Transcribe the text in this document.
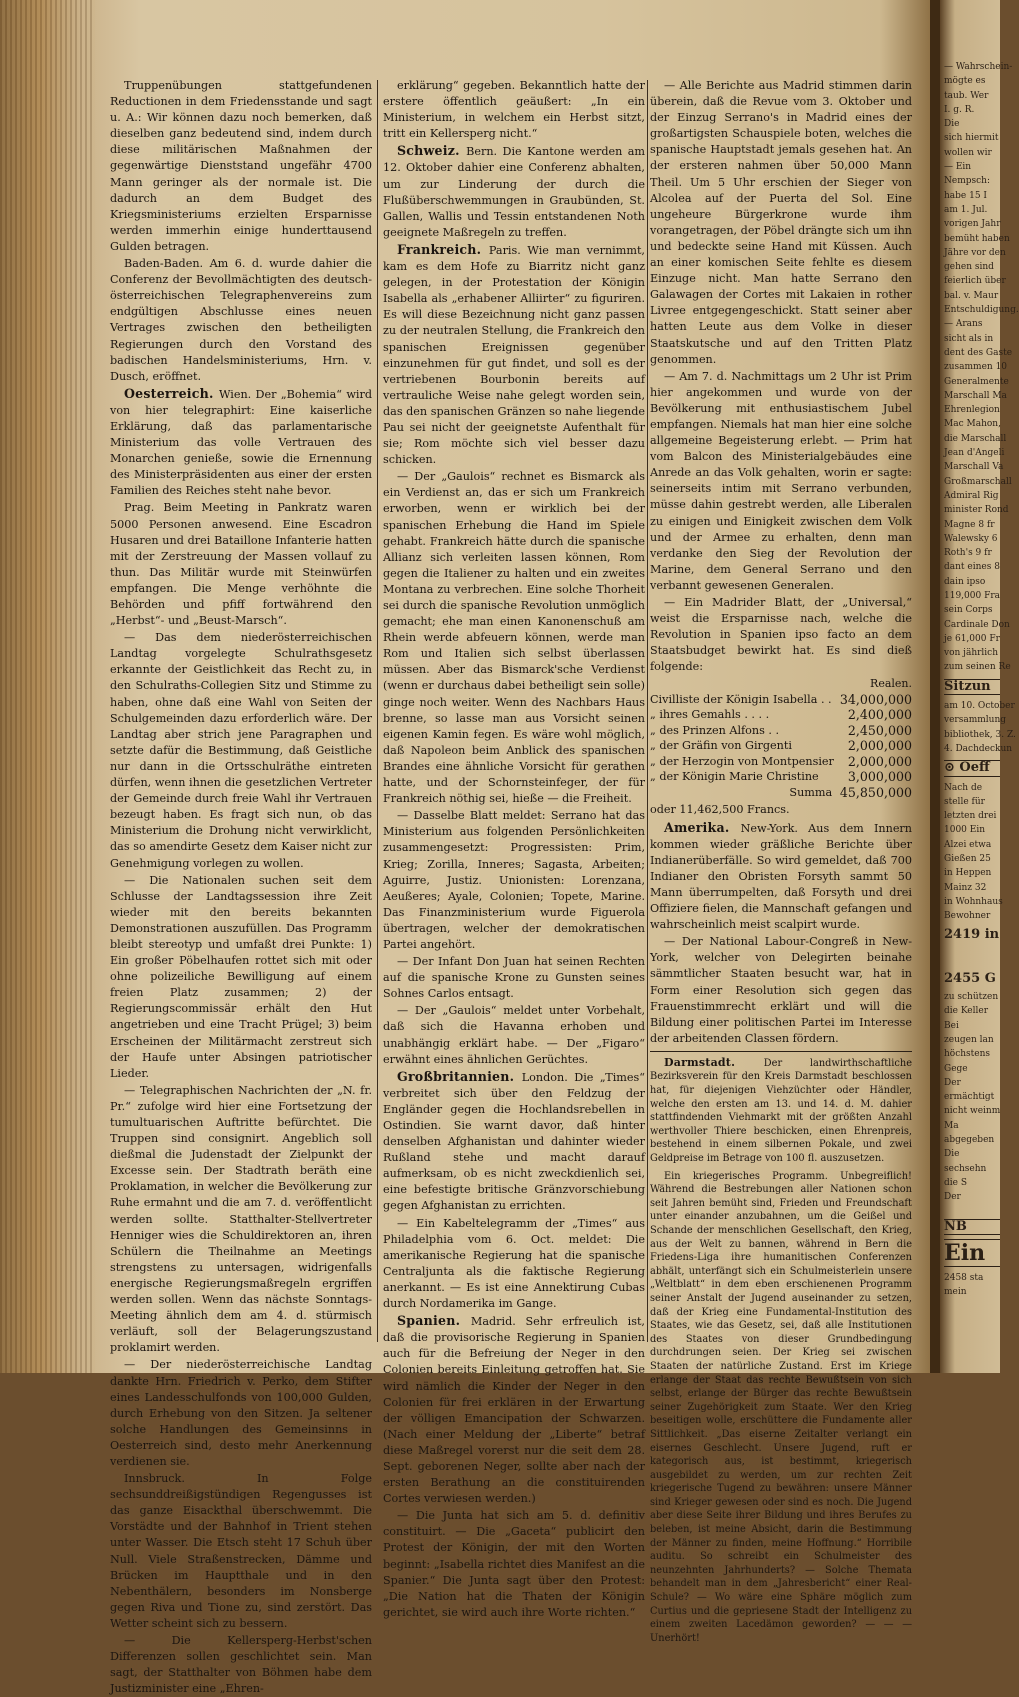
Truppenübungen stattgefundenen Reductionen in dem Friedensstande und sagt u. A.: Wir können dazu noch bemerken, daß dieselben ganz bedeutend sind, indem durch diese militärischen Maßnahmen der gegenwärtige Dienststand ungefähr 4700 Mann geringer als der normale ist. Die dadurch an dem Budget des Kriegsministeriums erzielten Ersparnisse werden immerhin einige hunderttausend Gulden betragen.

Baden-Baden. Am 6. d. wurde dahier die Conferenz der Bevollmächtigten des deutsch-österreichischen Telegraphenvereins zum endgültigen Abschlusse eines neuen Vertrages zwischen den betheiligten Regierungen durch den Vorstand des badischen Handelsministeriums, Hrn. v. Dusch, eröffnet.

Oesterreich. Wien. Der „Bohemia“ wird von hier telegraphirt: Eine kaiserliche Erklärung, daß das parlamentarische Ministerium das volle Vertrauen des Monarchen genieße, sowie die Ernennung des Ministerpräsidenten aus einer der ersten Familien des Reiches steht nahe bevor.

Prag. Beim Meeting in Pankratz waren 5000 Personen anwesend. Eine Escadron Husaren und drei Bataillone Infanterie hatten mit der Zerstreuung der Massen vollauf zu thun. Das Militär wurde mit Steinwürfen empfangen. Die Menge verhöhnte die Behörden und pfiff fortwährend den „Herbst“- und „Beust-Marsch“.

— Das dem niederösterreichischen Landtag vorgelegte Schulrathsgesetz erkannte der Geistlichkeit das Recht zu, in den Schulraths-Collegien Sitz und Stimme zu haben, ohne daß eine Wahl von Seiten der Schulgemeinden dazu erforderlich wäre. Der Landtag aber strich jene Paragraphen und setzte dafür die Bestimmung, daß Geistliche nur dann in die Ortsschulräthe eintreten dürfen, wenn ihnen die gesetzlichen Vertreter der Gemeinde durch freie Wahl ihr Vertrauen bezeugt haben. Es fragt sich nun, ob das Ministerium die Drohung nicht verwirklicht, das so amendirte Gesetz dem Kaiser nicht zur Genehmigung vorlegen zu wollen.

— Die Nationalen suchen seit dem Schlusse der Landtagssession ihre Zeit wieder mit den bereits bekannten Demonstrationen auszufüllen. Das Programm bleibt stereotyp und umfaßt drei Punkte: 1) Ein großer Pöbelhaufen rottet sich mit oder ohne polizeiliche Bewilligung auf einem freien Platz zusammen; 2) der Regierungscommissär erhält den Hut angetrieben und eine Tracht Prügel; 3) beim Erscheinen der Militärmacht zerstreut sich der Haufe unter Absingen patriotischer Lieder.

— Telegraphischen Nachrichten der „N. fr. Pr.“ zufolge wird hier eine Fortsetzung der tumultuarischen Auftritte befürchtet. Die Truppen sind consignirt. Angeblich soll dießmal die Judenstadt der Zielpunkt der Excesse sein. Der Stadtrath beräth eine Proklamation, in welcher die Bevölkerung zur Ruhe ermahnt und die am 7. d. veröffentlicht werden sollte. Statthalter-Stellvertreter Henniger wies die Schuldirektoren an, ihren Schülern die Theilnahme an Meetings strengstens zu untersagen, widrigenfalls energische Regierungsmaßregeln ergriffen werden sollen. Wenn das nächste Sonntags-Meeting ähnlich dem am 4. d. stürmisch verläuft, soll der Belagerungszustand proklamirt werden.

— Der niederösterreichische Landtag dankte Hrn. Friedrich v. Perko, dem Stifter eines Landesschulfonds von 100,000 Gulden, durch Erhebung von den Sitzen. Ja seltener solche Handlungen des Gemeinsinns in Oesterreich sind, desto mehr Anerkennung verdienen sie.

Innsbruck. In Folge sechsunddreißigstündigen Regengusses ist das ganze Eisackthal überschwemmt. Die Vorstädte und der Bahnhof in Trient stehen unter Wasser. Die Etsch steht 17 Schuh über Null. Viele Straßenstrecken, Dämme und Brücken im Hauptthale und in den Nebenthälern, besonders im Nonsberge gegen Riva und Tione zu, sind zerstört. Das Wetter scheint sich zu bessern.

— Die Kellersperg-Herbst'schen Differenzen sollen geschlichtet sein. Man sagt, der Statthalter von Böhmen habe dem Justizminister eine „Ehren-

erklärung“ gegeben. Bekanntlich hatte der erstere öffentlich geäußert: „In ein Ministerium, in welchem ein Herbst sitzt, tritt ein Kellersperg nicht.“

Schweiz. Bern. Die Kantone werden am 12. Oktober dahier eine Conferenz abhalten, um zur Linderung der durch die Flußüberschwemmungen in Graubünden, St. Gallen, Wallis und Tessin entstandenen Noth geeignete Maßregeln zu treffen.

Frankreich. Paris. Wie man vernimmt, kam es dem Hofe zu Biarritz nicht ganz gelegen, in der Protestation der Königin Isabella als „erhabener Alliirter“ zu figuriren. Es will diese Bezeichnung nicht ganz passen zu der neutralen Stellung, die Frankreich den spanischen Ereignissen gegenüber einzunehmen für gut findet, und soll es der vertriebenen Bourbonin bereits auf vertrauliche Weise nahe gelegt worden sein, das den spanischen Gränzen so nahe liegende Pau sei nicht der geeignetste Aufenthalt für sie; Rom möchte sich viel besser dazu schicken.

— Der „Gaulois“ rechnet es Bismarck als ein Verdienst an, das er sich um Frankreich erworben, wenn er wirklich bei der spanischen Erhebung die Hand im Spiele gehabt. Frankreich hätte durch die spanische Allianz sich verleiten lassen können, Rom gegen die Italiener zu halten und ein zweites Montana zu verbrechen. Eine solche Thorheit sei durch die spanische Revolution unmöglich gemacht; ehe man einen Kanonenschuß am Rhein werde abfeuern können, werde man Rom und Italien sich selbst überlassen müssen. Aber das Bismarck'sche Verdienst (wenn er durchaus dabei betheiligt sein solle) ginge noch weiter. Wenn des Nachbars Haus brenne, so lasse man aus Vorsicht seinen eigenen Kamin fegen. Es wäre wohl möglich, daß Napoleon beim Anblick des spanischen Brandes eine ähnliche Vorsicht für gerathen hatte, und der Schornsteinfeger, der für Frankreich nöthig sei, hieße — die Freiheit.

— Dasselbe Blatt meldet: Serrano hat das Ministerium aus folgenden Persönlichkeiten zusammengesetzt: Progressisten: Prim, Krieg; Zorilla, Inneres; Sagasta, Arbeiten; Aguirre, Justiz. Unionisten: Lorenzana, Aeußeres; Ayale, Colonien; Topete, Marine. Das Finanzministerium wurde Figuerola übertragen, welcher der demokratischen Partei angehört.

— Der Infant Don Juan hat seinen Rechten auf die spanische Krone zu Gunsten seines Sohnes Carlos entsagt.

— Der „Gaulois“ meldet unter Vorbehalt, daß sich die Havanna erhoben und unabhängig erklärt habe. — Der „Figaro“ erwähnt eines ähnlichen Gerüchtes.

Großbritannien. London. Die „Times“ verbreitet sich über den Feldzug der Engländer gegen die Hochlandsrebellen in Ostindien. Sie warnt davor, daß hinter denselben Afghanistan und dahinter wieder Rußland stehe und macht darauf aufmerksam, ob es nicht zweckdienlich sei, eine befestigte britische Gränzvorschiebung gegen Afghanistan zu errichten.

— Ein Kabeltelegramm der „Times“ aus Philadelphia vom 6. Oct. meldet: Die amerikanische Regierung hat die spanische Centraljunta als die faktische Regierung anerkannt. — Es ist eine Annektirung Cubas durch Nordamerika im Gange.

Spanien. Madrid. Sehr erfreulich ist, daß die provisorische Regierung in Spanien auch für die Befreiung der Neger in den Colonien bereits Einleitung getroffen hat. Sie wird nämlich die Kinder der Neger in den Colonien für frei erklären in der Erwartung der völligen Emancipation der Schwarzen. (Nach einer Meldung der „Liberte“ betraf diese Maßregel vorerst nur die seit dem 28. Sept. geborenen Neger, sollte aber nach der ersten Berathung an die constituirenden Cortes verwiesen werden.)

— Die Junta hat sich am 5. d. definitiv constituirt. — Die „Gaceta“ publicirt den Protest der Königin, der mit den Worten beginnt: „Isabella richtet dies Manifest an die Spanier.“ Die Junta sagt über den Protest: „Die Nation hat die Thaten der Königin gerichtet, sie wird auch ihre Worte richten.“

— Alle Berichte aus Madrid stimmen darin überein, daß die Revue vom 3. Oktober und der Einzug Serrano's in Madrid eines der großartigsten Schauspiele boten, welches die spanische Hauptstadt jemals gesehen hat. An der ersteren nahmen über 50,000 Mann Theil. Um 5 Uhr erschien der Sieger von Alcolea auf der Puerta del Sol. Eine ungeheure Bürgerkrone wurde ihm vorangetragen, der Pöbel drängte sich um ihn und bedeckte seine Hand mit Küssen. Auch an einer komischen Seite fehlte es diesem Einzuge nicht. Man hatte Serrano den Galawagen der Cortes mit Lakaien in rother Livree entgegengeschickt. Statt seiner aber hatten Leute aus dem Volke in dieser Staatskutsche und auf den Tritten Platz genommen.

— Am 7. d. Nachmittags um 2 Uhr ist Prim hier angekommen und wurde von der Bevölkerung mit enthusiastischem Jubel empfangen. Niemals hat man hier eine solche allgemeine Begeisterung erlebt. — Prim hat vom Balcon des Ministerialgebäudes eine Anrede an das Volk gehalten, worin er sagte: seinerseits intim mit Serrano verbunden, müsse dahin gestrebt werden, alle Liberalen zu einigen und Einigkeit zwischen dem Volk und der Armee zu erhalten, denn man verdanke den Sieg der Revolution der Marine, dem General Serrano und den verbannt gewesenen Generalen.

— Ein Madrider Blatt, der „Universal,“ weist die Ersparnisse nach, welche die Revolution in Spanien ipso facto an dem Staatsbudget bewirkt hat. Es sind dieß folgende:

	Realen.
Civilliste der Königin Isabella . .	34,000,000
„ ihres Gemahls . . . .	2,400,000
„ des Prinzen Alfons . .	2,450,000
„ der Gräfin von Girgenti	2,000,000
„ der Herzogin von Montpensier	2,000,000
„ der Königin Marie Christine	3,000,000
Summa	45,850,000

oder 11,462,500 Francs.

Amerika. New-York. Aus dem Innern kommen wieder gräßliche Berichte über Indianerüberfälle. So wird gemeldet, daß 700 Indianer den Obristen Forsyth sammt 50 Mann überrumpelten, daß Forsyth und drei Offiziere fielen, die Mannschaft gefangen und wahrscheinlich meist scalpirt wurde.

— Der National Labour-Congreß in New-York, welcher von Delegirten beinahe sämmtlicher Staaten besucht war, hat in Form einer Resolution sich gegen das Frauenstimmrecht erklärt und will die Bildung einer politischen Partei im Interesse der arbeitenden Classen fördern.

Darmstadt. Der landwirthschaftliche Bezirksverein für den Kreis Darmstadt beschlossen hat, für diejenigen Viehzüchter oder Händler, welche den ersten am 13. und 14. d. M. dahier stattfindenden Viehmarkt mit der größten Anzahl werthvoller Thiere beschicken, einen Ehrenpreis, bestehend in einem silbernen Pokale, und zwei Geldpreise im Betrage von 100 fl. auszusetzen.

Ein kriegerisches Programm. Unbegreiflich! Während die Bestrebungen aller Nationen schon seit Jahren bemüht sind, Frieden und Freundschaft unter einander anzubahnen, um die Geißel und Schande der menschlichen Gesellschaft, den Krieg, aus der Welt zu bannen, während in Bern die Friedens-Liga ihre humanitischen Conferenzen abhält, unterfängt sich ein Schulmeisterlein unsere „Weltblatt“ in dem eben erschienenen Programm seiner Anstalt der Jugend auseinander zu setzen, daß der Krieg eine Fundamental-Institution des Staates, wie das Gesetz, sei, daß alle Institutionen des Staates von dieser Grundbedingung durchdrungen seien. Der Krieg sei zwischen Staaten der natürliche Zustand. Erst im Kriege erlange der Staat das rechte Bewußtsein von sich selbst, erlange der Bürger das rechte Bewußtsein seiner Zugehörigkeit zum Staate. Wer den Krieg beseitigen wolle, erschüttere die Fundamente aller Sittlichkeit. „Das eiserne Zeitalter verlangt ein eisernes Geschlecht. Unsere Jugend, ruft er kategorisch aus, ist bestimmt, kriegerisch ausgebildet zu werden, um zur rechten Zeit kriegerische Tugend zu bewähren: unsere Männer sind Krieger gewesen oder sind es noch. Die Jugend aber diese Seite ihrer Bildung und ihres Berufes zu beleben, ist meine Absicht, darin die Bestimmung der Männer zu finden, meine Hoffnung.“ Horribile auditu. So schreibt ein Schulmeister des neunzehnten Jahrhunderts? — Solche Themata behandelt man in dem „Jahresbericht“ einer Real-Schule? — Wo wäre eine Sphäre möglich zum Curtius und die gepriesene Stadt der Intelligenz zu einem zweiten Lacedämon geworden? — — — Unerhört!

— Wahrschein-
mögte es
taub. Wer
I. g. R.
Die
sich hiermit
wollen wir
— Ein
Nempsch:
habe 15 I
am 1. Jul.
vorigen Jahr
bemüht haben
Jähre vor den
gehen sind
feierlich über
bal. v. Maur
Entschuldigung.
— Arans
sicht als in
dent des Gaste
zusammen 10
Generalmente
Marschall Ma
Ehrenlegion
Mac Mahon,
die Marschall
Jean d'Angeli
Marschall Va
Großmarschall
Admiral Rig
minister Rond
Magne 8 fr
Walewsky 6
Roth's 9 fr
dant eines 8
dain ipso
119,000 Fra
sein Corps
Cardinale Don
je 61,000 Fr
von jährlich
zum seinen Re
Sitzun
am 10. October
versammlung
bibliothek, 3. Z.
4. Dachdeckun
⊙ Oeff
Nach de
stelle für
letzten drei
1000 Ein
Alzei etwa
Gießen 25
in Heppen
Mainz 32
in Wohnhaus
Bewohner
2419 in
2455 G
zu schützen
die Keller
Bei
zeugen lan
höchstens
Gege
Der
ermächtigt
nicht weinm
Ma
abgegeben
Die
sechsehn
die S
Der
NB
Ein
2458 sta
mein
